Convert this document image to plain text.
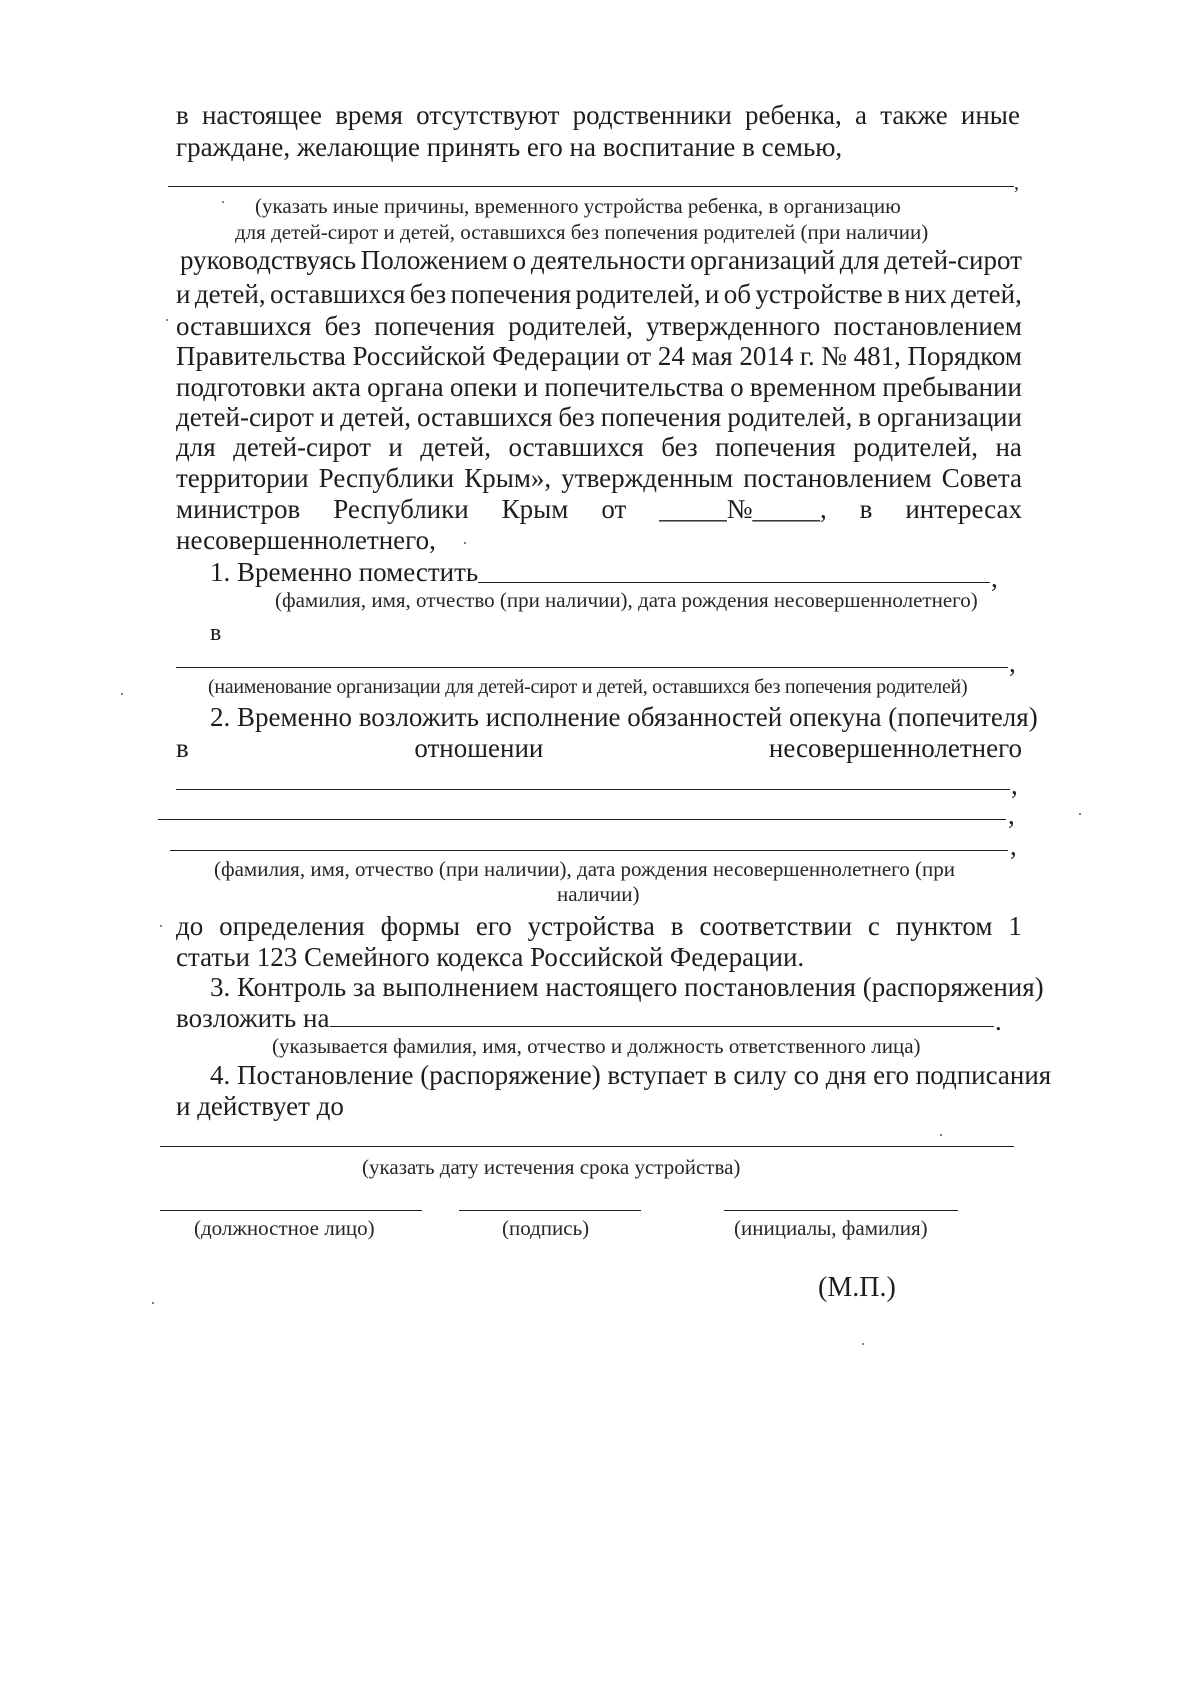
в настоящее время отсутствуют родственники ребенка, а также иные
граждане, желающие принять его на воспитание в семью,
,
(указать иные причины, временного устройства ребенка, в организацию
для детей-сирот и детей, оставшихся без попечения родителей (при наличии)
руководствуясь Положением о деятельности организаций для детей-сирот
и детей, оставшихся без попечения родителей, и об устройстве в них детей,
оставшихся без попечения родителей, утвержденного постановлением
Правительства Российской Федерации от 24 мая 2014 г. № 481, Порядком
подготовки акта органа опеки и попечительства о временном пребывании
детей-сирот и детей, оставшихся без попечения родителей, в организации
для детей-сирот и детей, оставшихся без попечения родителей, на
территории Республики Крым», утвержденным постановлением Совета
министров Республики Крым от _____№_____, в интересах
несовершеннолетнего,
1. Временно поместить	,
(фамилия, имя, отчество (при наличии), дата рождения несовершеннолетнего)
в
,
(наименование организации для детей-сирот и детей, оставшихся без попечения родителей)
2. Временно возложить исполнение обязанностей опекуна (попечителя)
в	отношении	несовершеннолетнего
,
,
,
(фамилия, имя, отчество (при наличии), дата рождения несовершеннолетнего (при
наличии)
до определения формы его устройства в соответствии с пунктом 1
статьи 123 Семейного кодекса Российской Федерации.
3. Контроль за выполнением настоящего постановления (распоряжения)
возложить на	.
(указывается фамилия, имя, отчество и должность ответственного лица)
4. Постановление (распоряжение) вступает в силу со дня его подписания
и действует до
(указать дату истечения срока устройства)
(должностное лицо)	(подпись)	(инициалы, фамилия)
(М.П.)
